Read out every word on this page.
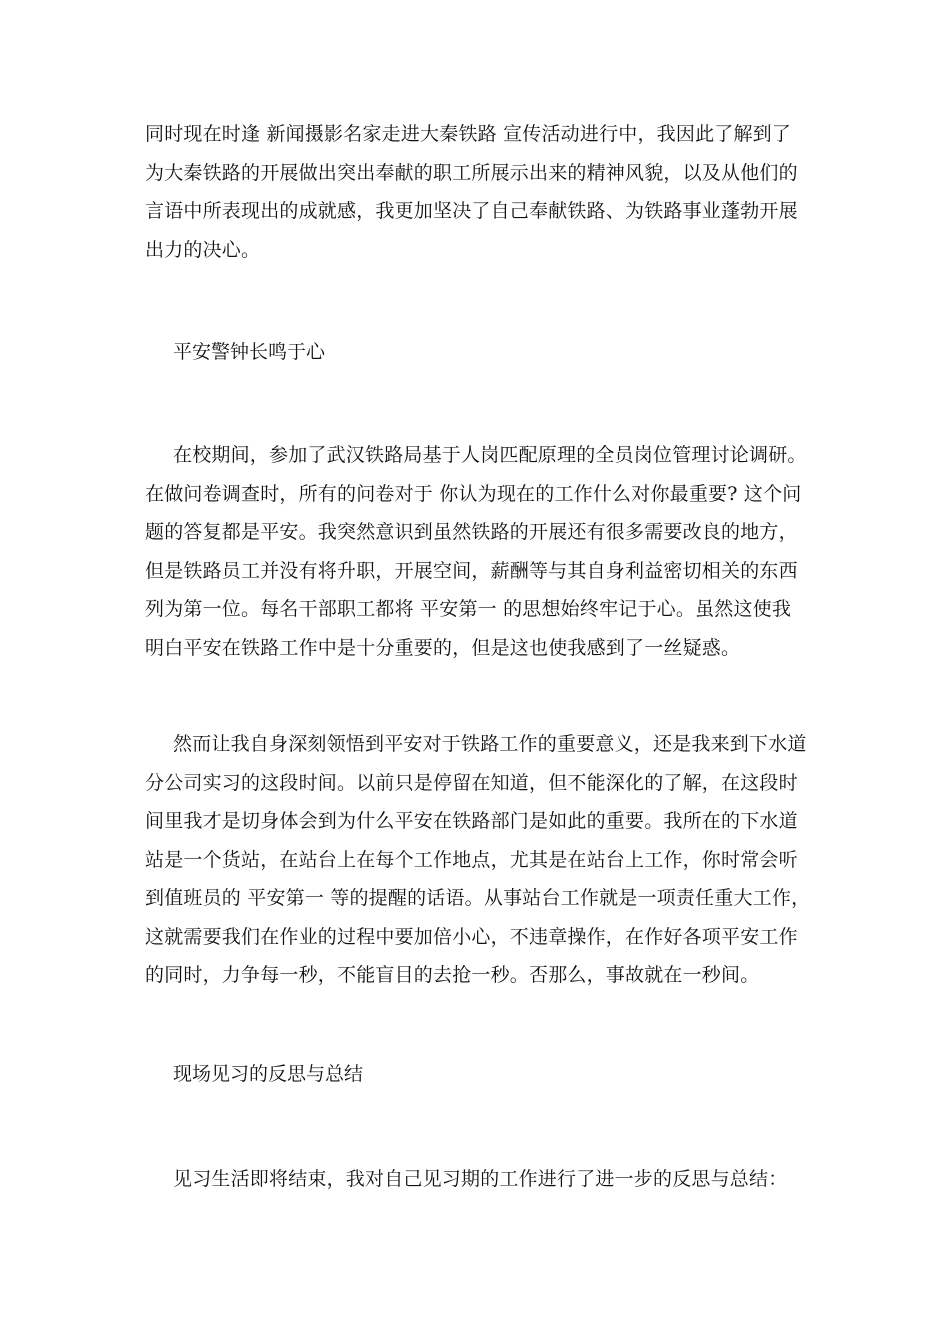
同时现在时逢 新闻摄影名家走进大秦铁路 宣传活动进行中，我因此了解到了
为大秦铁路的开展做出突出奉献的职工所展示出来的精神风貌，以及从他们的
言语中所表现出的成就感，我更加坚决了自己奉献铁路、为铁路事业蓬勃开展
出力的决心。
平安警钟长鸣于心
在校期间，参加了武汉铁路局基于人岗匹配原理的全员岗位管理讨论调研。
在做问卷调查时，所有的问卷对于 你认为现在的工作什么对你最重要? 这个问
题的答复都是平安。我突然意识到虽然铁路的开展还有很多需要改良的地方，
但是铁路员工并没有将升职，开展空间，薪酬等与其自身利益密切相关的东西
列为第一位。每名干部职工都将 平安第一 的思想始终牢记于心。虽然这使我
明白平安在铁路工作中是十分重要的，但是这也使我感到了一丝疑惑。
然而让我自身深刻领悟到平安对于铁路工作的重要意义，还是我来到下水道
分公司实习的这段时间。以前只是停留在知道，但不能深化的了解，在这段时
间里我才是切身体会到为什么平安在铁路部门是如此的重要。我所在的下水道
站是一个货站，在站台上在每个工作地点，尤其是在站台上工作，你时常会听
到值班员的 平安第一 等的提醒的话语。从事站台工作就是一项责任重大工作，
这就需要我们在作业的过程中要加倍小心，不违章操作，在作好各项平安工作
的同时，力争每一秒，不能盲目的去抢一秒。否那么，事故就在一秒间。
现场见习的反思与总结
见习生活即将结束，我对自己见习期的工作进行了进一步的反思与总结：
